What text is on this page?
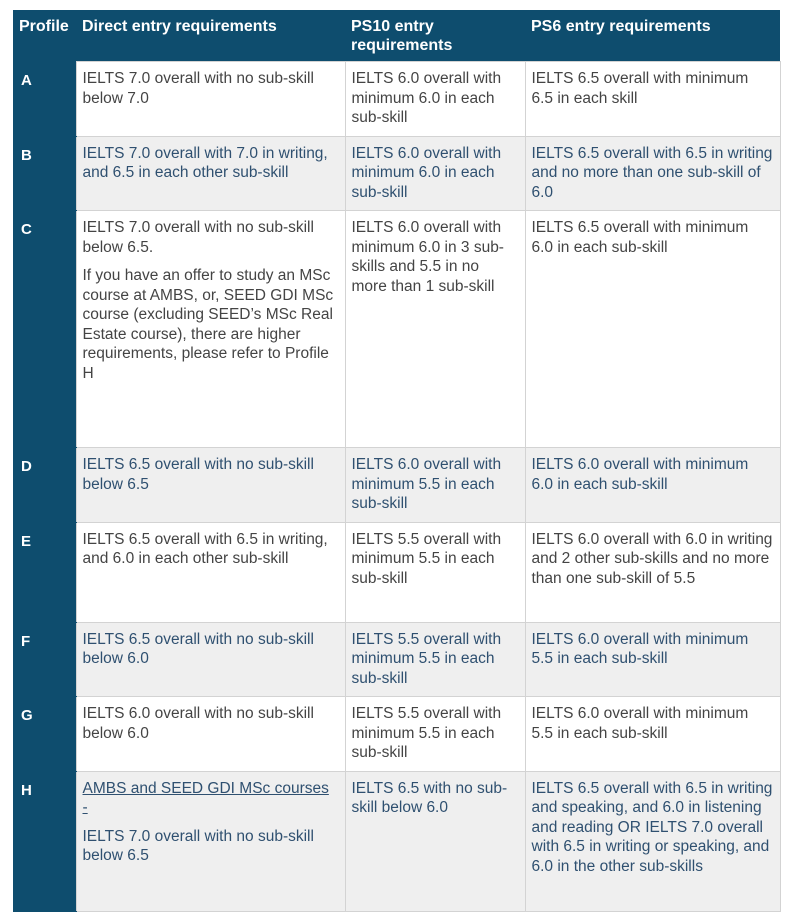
Profile	Direct entry requirements	PS10 entry requirements	PS6 entry requirements
A	IELTS 7.0 overall with no sub-skill below 7.0	IELTS 6.0 overall with minimum 6.0 in each sub-skill	IELTS 6.5 overall with minimum 6.5 in each skill
B	IELTS 7.0 overall with 7.0 in writing, and 6.5 in each other sub-skill	IELTS 6.0 overall with minimum 6.0 in each sub-skill	IELTS 6.5 overall with 6.5 in writing and no more than one sub-skill of 6.0
C	IELTS 7.0 overall with no sub-skill below 6.5.

If you have an offer to study an MSc course at AMBS, or, SEED GDI MSc course (excluding SEED’s MSc Real Estate course), there are higher requirements, please refer to Profile H	IELTS 6.0 overall with minimum 6.0 in 3 sub-skills and 5.5 in no more than 1 sub-skill	IELTS 6.5 overall with minimum 6.0 in each sub-skill
D	IELTS 6.5 overall with no sub-skill below 6.5	IELTS 6.0 overall with minimum 5.5 in each sub-skill	IELTS 6.0 overall with minimum 6.0 in each sub-skill
E	IELTS 6.5 overall with 6.5 in writing, and 6.0 in each other sub-skill	IELTS 5.5 overall with minimum 5.5 in each sub-skill	IELTS 6.0 overall with 6.0 in writing and 2 other sub-skills and no more than one sub-skill of 5.5
F	IELTS 6.5 overall with no sub-skill below 6.0	IELTS 5.5 overall with minimum 5.5 in each sub-skill	IELTS 6.0 overall with minimum 5.5 in each sub-skill
G	IELTS 6.0 overall with no sub-skill below 6.0	IELTS 5.5 overall with minimum 5.5 in each sub-skill	IELTS 6.0 overall with minimum 5.5 in each sub-skill
H	AMBS and SEED GDI MSc courses
-

IELTS 7.0 overall with no sub-skill below 6.5	IELTS 6.5 with no sub-skill below 6.0	IELTS 6.5 overall with 6.5 in writing and speaking, and 6.0 in listening and reading OR IELTS 7.0 overall with 6.5 in writing or speaking, and 6.0 in the other sub-skills
